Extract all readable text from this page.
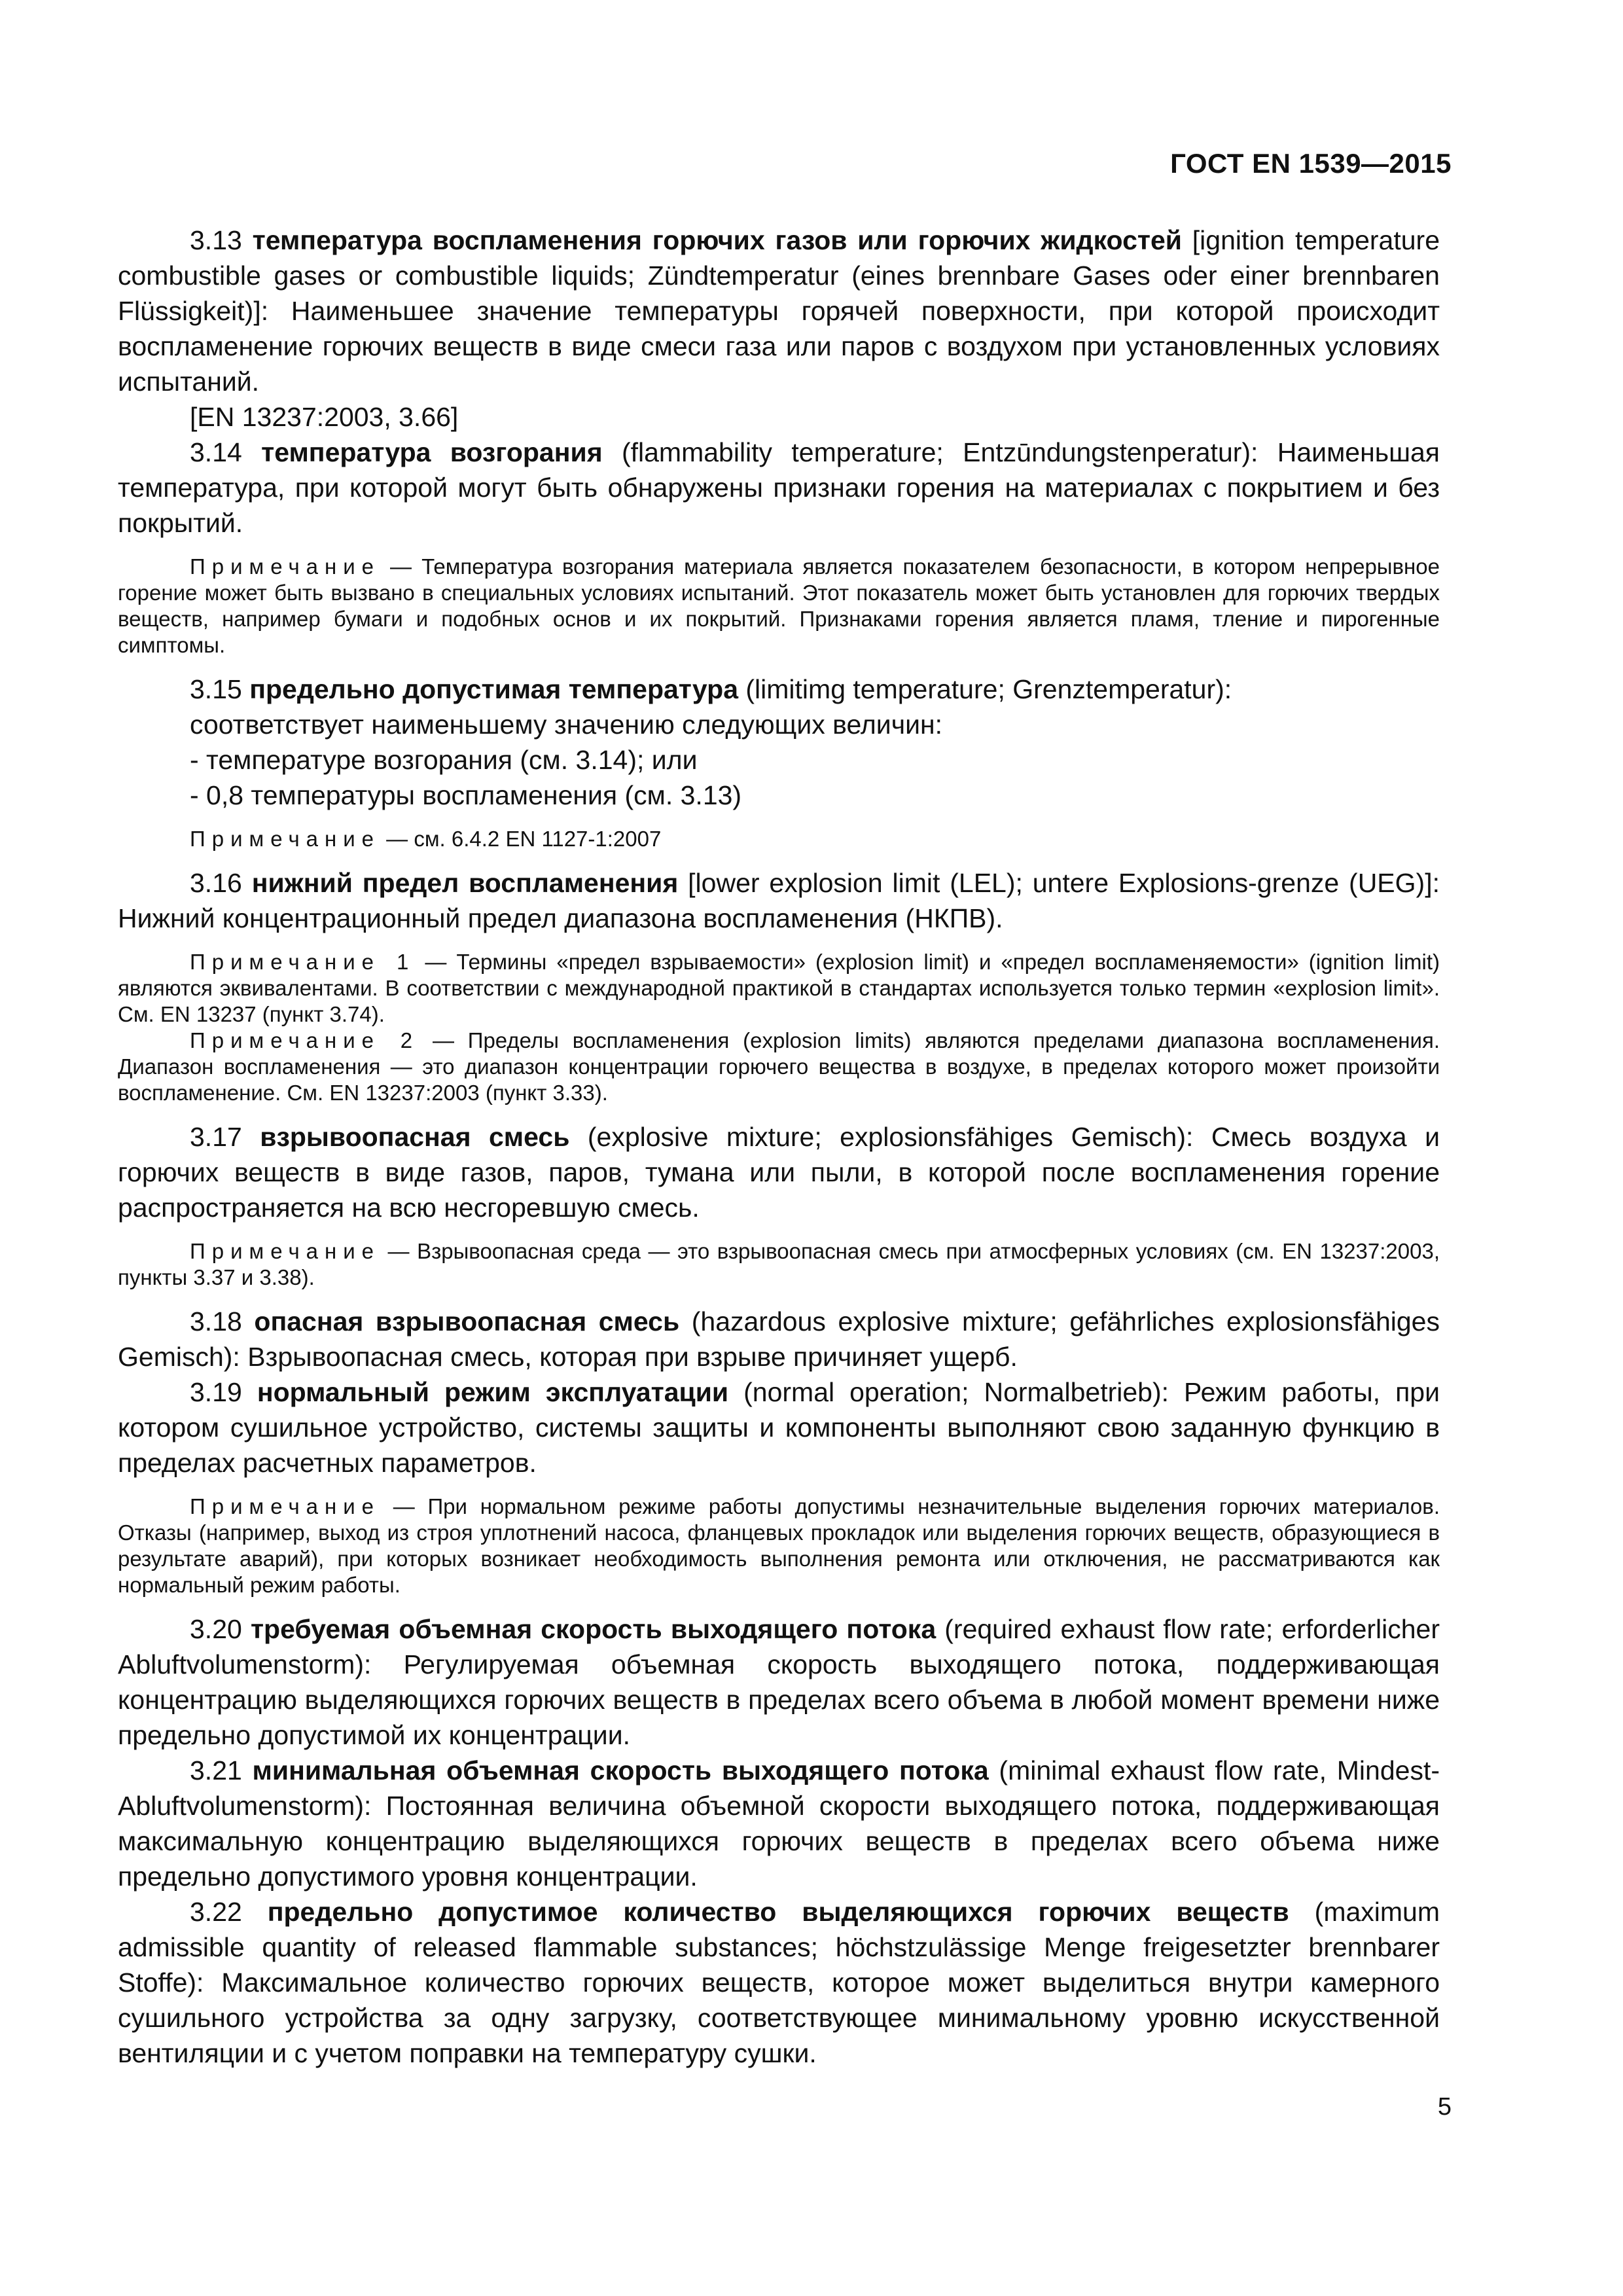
ГОСТ EN 1539—2015

3.13 температура воспламенения горючих газов или горючих жидкостей [ignition temperature combustible gases or combustible liquids; Zündtemperatur (eines brennbare Gases oder einer brennbaren Flüssigkeit)]: Наименьшее значение температуры горячей поверхности, при которой происходит воспламенение горючих веществ в виде смеси газа или паров с воздухом при установленных условиях испытаний.

[EN 13237:2003, 3.66]

3.14 температура возгорания (flammability temperature; Entzūndungstenperatur): Наименьшая температура, при которой могут быть обнаружены признаки горения на материалах с покрытием и без покрытий.

Примечание — Температура возгорания материала является показателем безопасности, в котором непрерывное горение может быть вызвано в специальных условиях испытаний. Этот показатель может быть установлен для горючих твердых веществ, например бумаги и подобных основ и их покрытий. Признаками горения является пламя, тление и пирогенные симптомы.

3.15 предельно допустимая температура (limitimg temperature; Grenztemperatur):

соответствует наименьшему значению следующих величин:

- температуре возгорания (см. 3.14); или

- 0,8 температуры воспламенения (см. 3.13)

Примечание — см. 6.4.2 EN 1127-1:2007

3.16 нижний предел воспламенения [lower explosion limit (LEL); untere Explosions-grenze (UEG)]: Нижний концентрационный предел диапазона воспламенения (НКПВ).

Примечание 1 — Термины «предел взрываемости» (explosion limit) и «предел воспламеняемости» (ignition limit) являются эквивалентами. В соответствии с международной практикой в стандартах используется только термин «explosion limit». См. EN 13237 (пункт 3.74).

Примечание 2 — Пределы воспламенения (explosion limits) являются пределами диапазона воспламенения. Диапазон воспламенения — это диапазон концентрации горючего вещества в воздухе, в пределах которого может произойти воспламенение. См. EN 13237:2003 (пункт 3.33).

3.17 взрывоопасная смесь (explosive mixture; explosionsfähiges Gemisch): Смесь воздуха и горючих веществ в виде газов, паров, тумана или пыли, в которой после воспламенения горение распространяется на всю несгоревшую смесь.

Примечание — Взрывоопасная среда — это взрывоопасная смесь при атмосферных условиях (см. EN 13237:2003, пункты 3.37 и 3.38).

3.18 опасная взрывоопасная смесь (hazardous explosive mixture; gefährliches explosionsfähiges Gemisch): Взрывоопасная смесь, которая при взрыве причиняет ущерб.

3.19 нормальный режим эксплуатации (normal operation; Normalbetrieb): Режим работы, при котором сушильное устройство, системы защиты и компоненты выполняют свою заданную функцию в пределах расчетных параметров.

Примечание — При нормальном режиме работы допустимы незначительные выделения горючих материалов. Отказы (например, выход из строя уплотнений насоса, фланцевых прокладок или выделения горючих веществ, образующиеся в результате аварий), при которых возникает необходимость выполнения ремонта или отключения, не рассматриваются как нормальный режим работы.

3.20 требуемая объемная скорость выходящего потока (required exhaust flow rate; erforderlicher Abluftvolumenstorm): Регулируемая объемная скорость выходящего потока, поддерживающая концентрацию выделяющихся горючих веществ в пределах всего объема в любой момент времени ниже предельно допустимой их концентрации.

3.21 минимальная объемная скорость выходящего потока (minimal exhaust flow rate, Mindest-Abluftvolumenstorm): Постоянная величина объемной скорости выходящего потока, поддерживающая максимальную концентрацию выделяющихся горючих веществ в пределах всего объема ниже предельно допустимого уровня концентрации.

3.22 предельно допустимое количество выделяющихся горючих веществ (maximum admissible quantity of released flammable substances; höchstzulässige Menge freigesetzter brennbarer Stoffe): Максимальное количество горючих веществ, которое может выделиться внутри камерного сушильного устройства за одну загрузку, соответствующее минимальному уровню искусственной вентиляции и с учетом поправки на температуру сушки.

5
